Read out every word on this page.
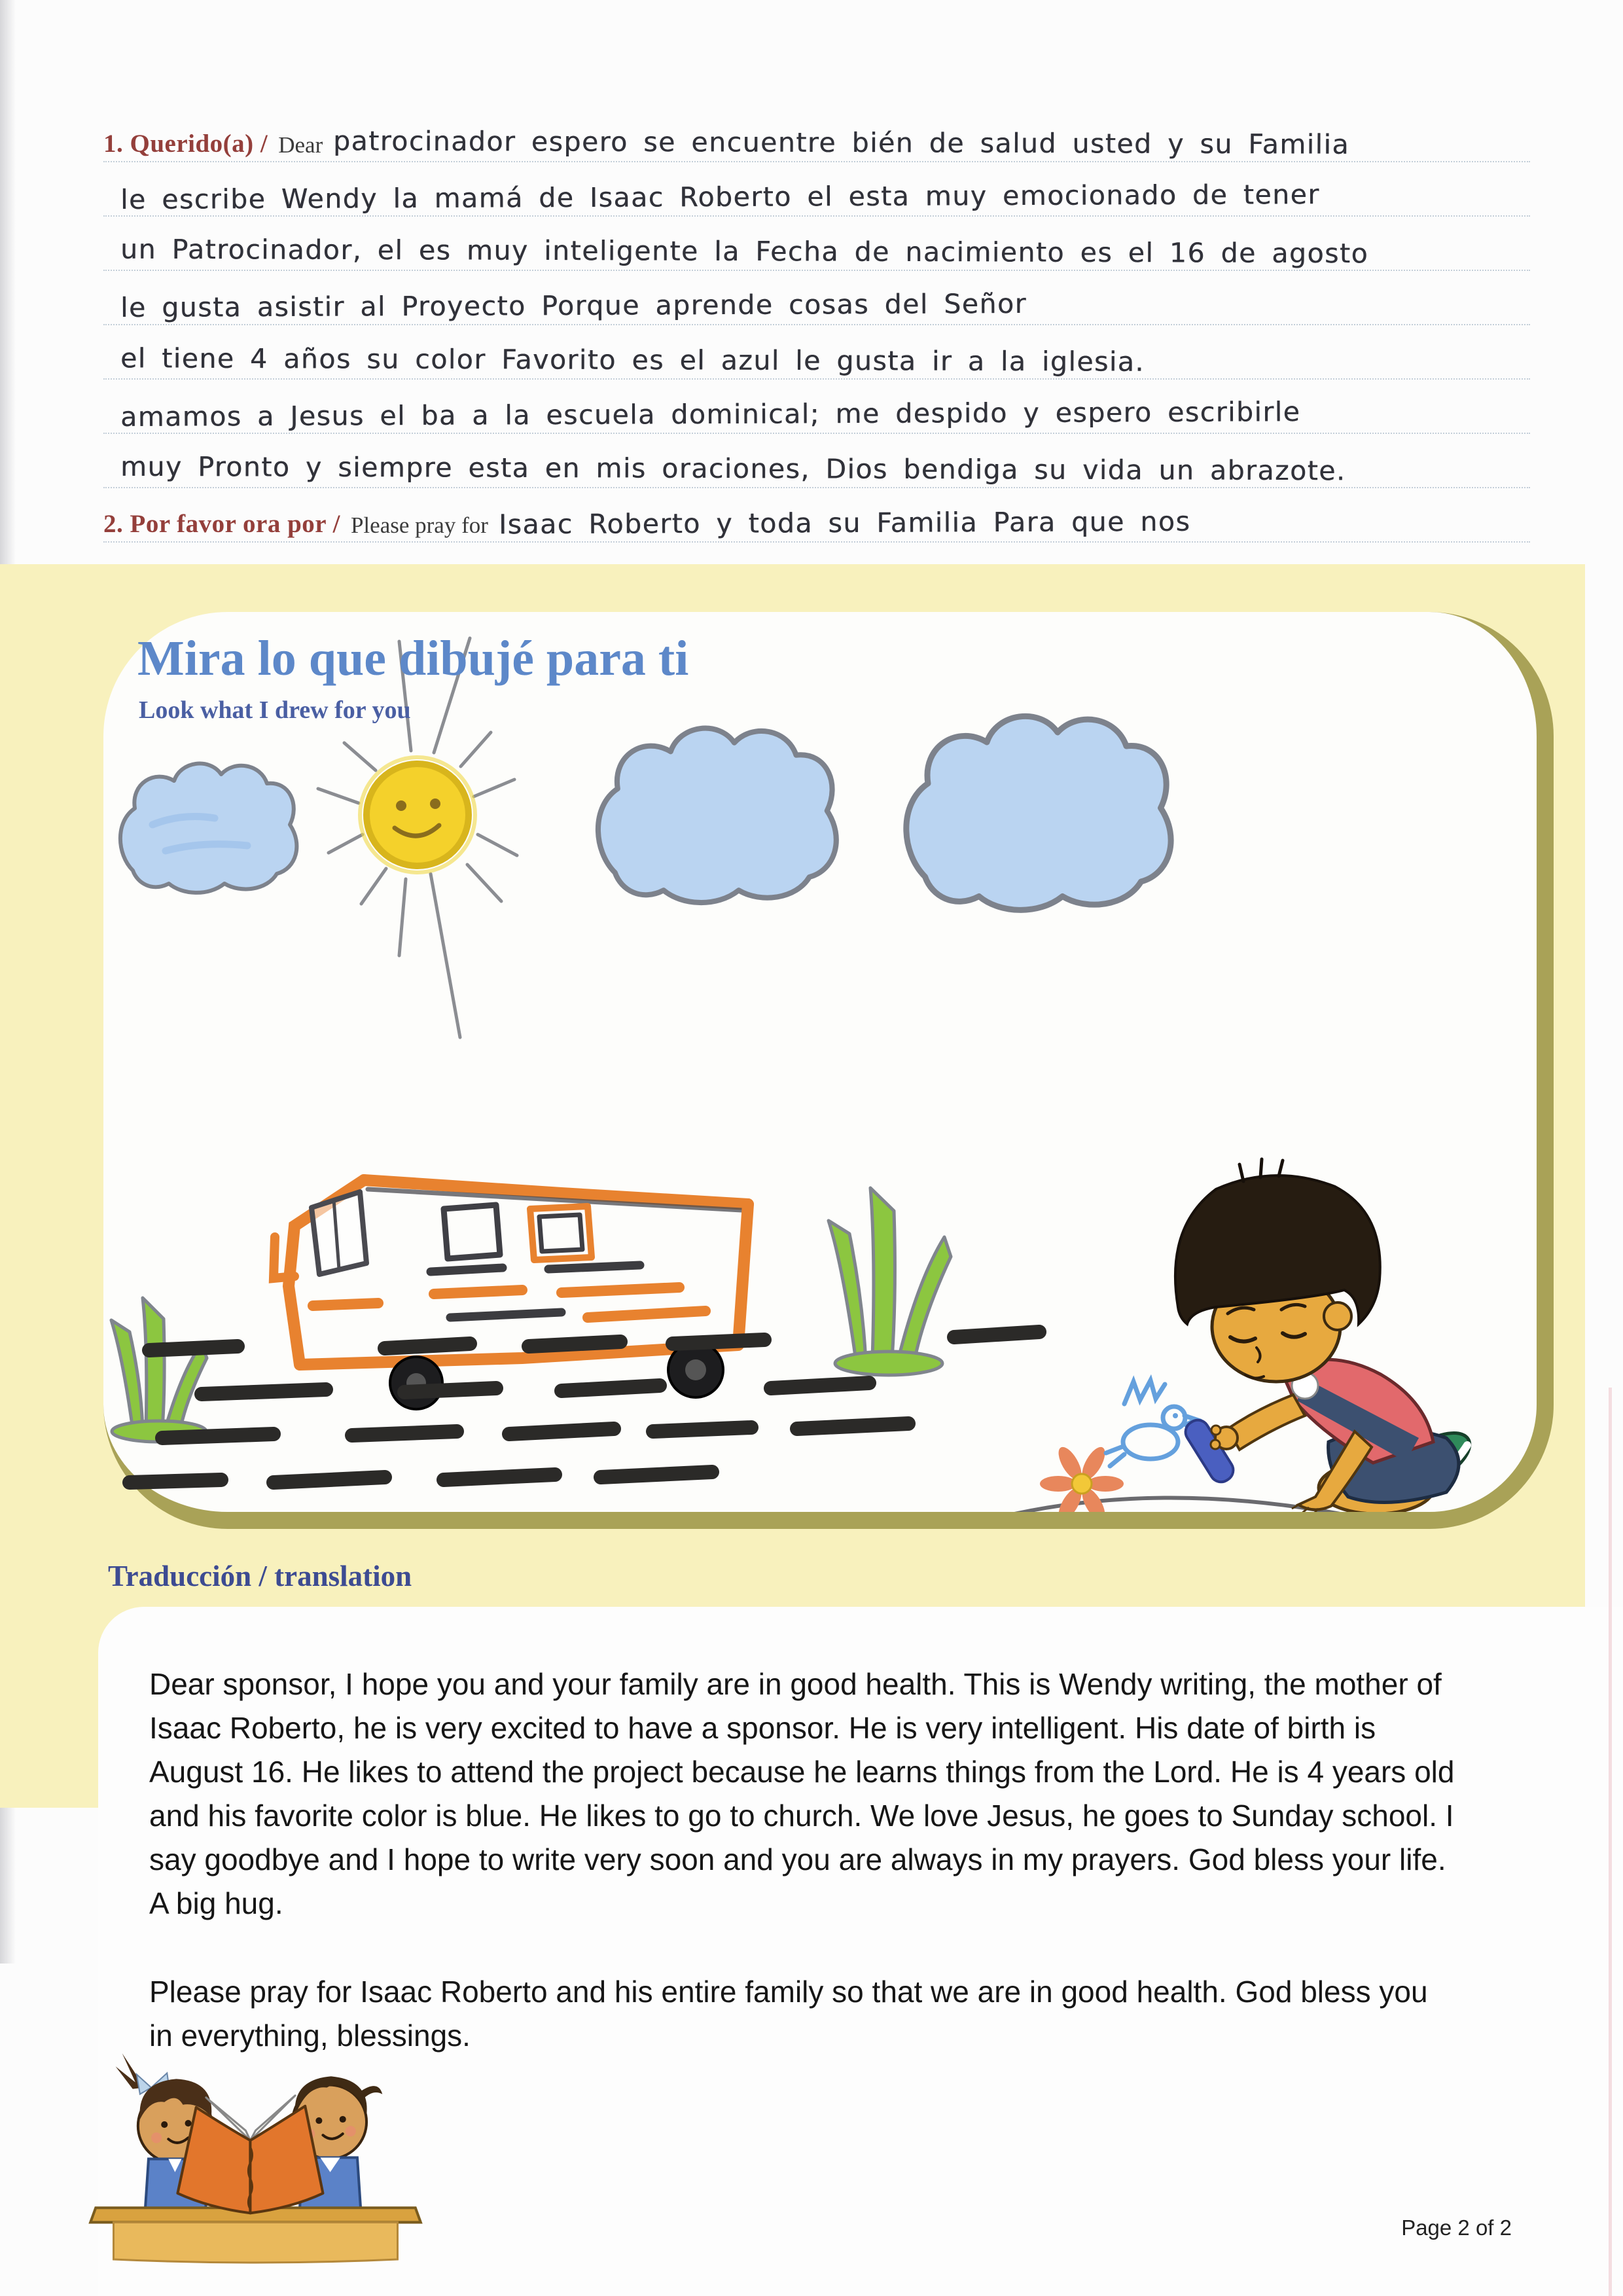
1. Querido(a) / Dear patrocinador espero se encuentre bién de salud usted y su Familia
le escribe Wendy la mamá de Isaac Roberto el esta muy emocionado de tener
un Patrocinador, el es muy inteligente la Fecha de nacimiento es el 16 de agosto
le gusta asistir al Proyecto Porque aprende cosas del Señor
el tiene 4 años su color Favorito es el azul le gusta ir a la iglesia.
amamos a Jesus el ba a la escuela dominical; me despido y espero escribirle
muy Pronto y siempre esta en mis oraciones, Dios bendiga su vida un abrazote.
2. Por favor ora por / Please pray for Isaac Roberto y toda su Familia Para que nos
Mira lo que dibujé para ti
Look what I drew for you
Traducción / translation

Dear sponsor, I hope you and your family are in good health. This is Wendy writing, the mother of Isaac Roberto, he is very excited to have a sponsor. He is very intelligent. His date of birth is August 16. He likes to attend the project because he learns things from the Lord. He is 4 years old and his favorite color is blue. He likes to go to church. We love Jesus, he goes to Sunday school. I say goodbye and I hope to write very soon and you are always in my prayers. God bless your life. A big hug.

Please pray for Isaac Roberto and his entire family so that we are in good health. God bless you in everything, blessings.

Page 2 of 2
